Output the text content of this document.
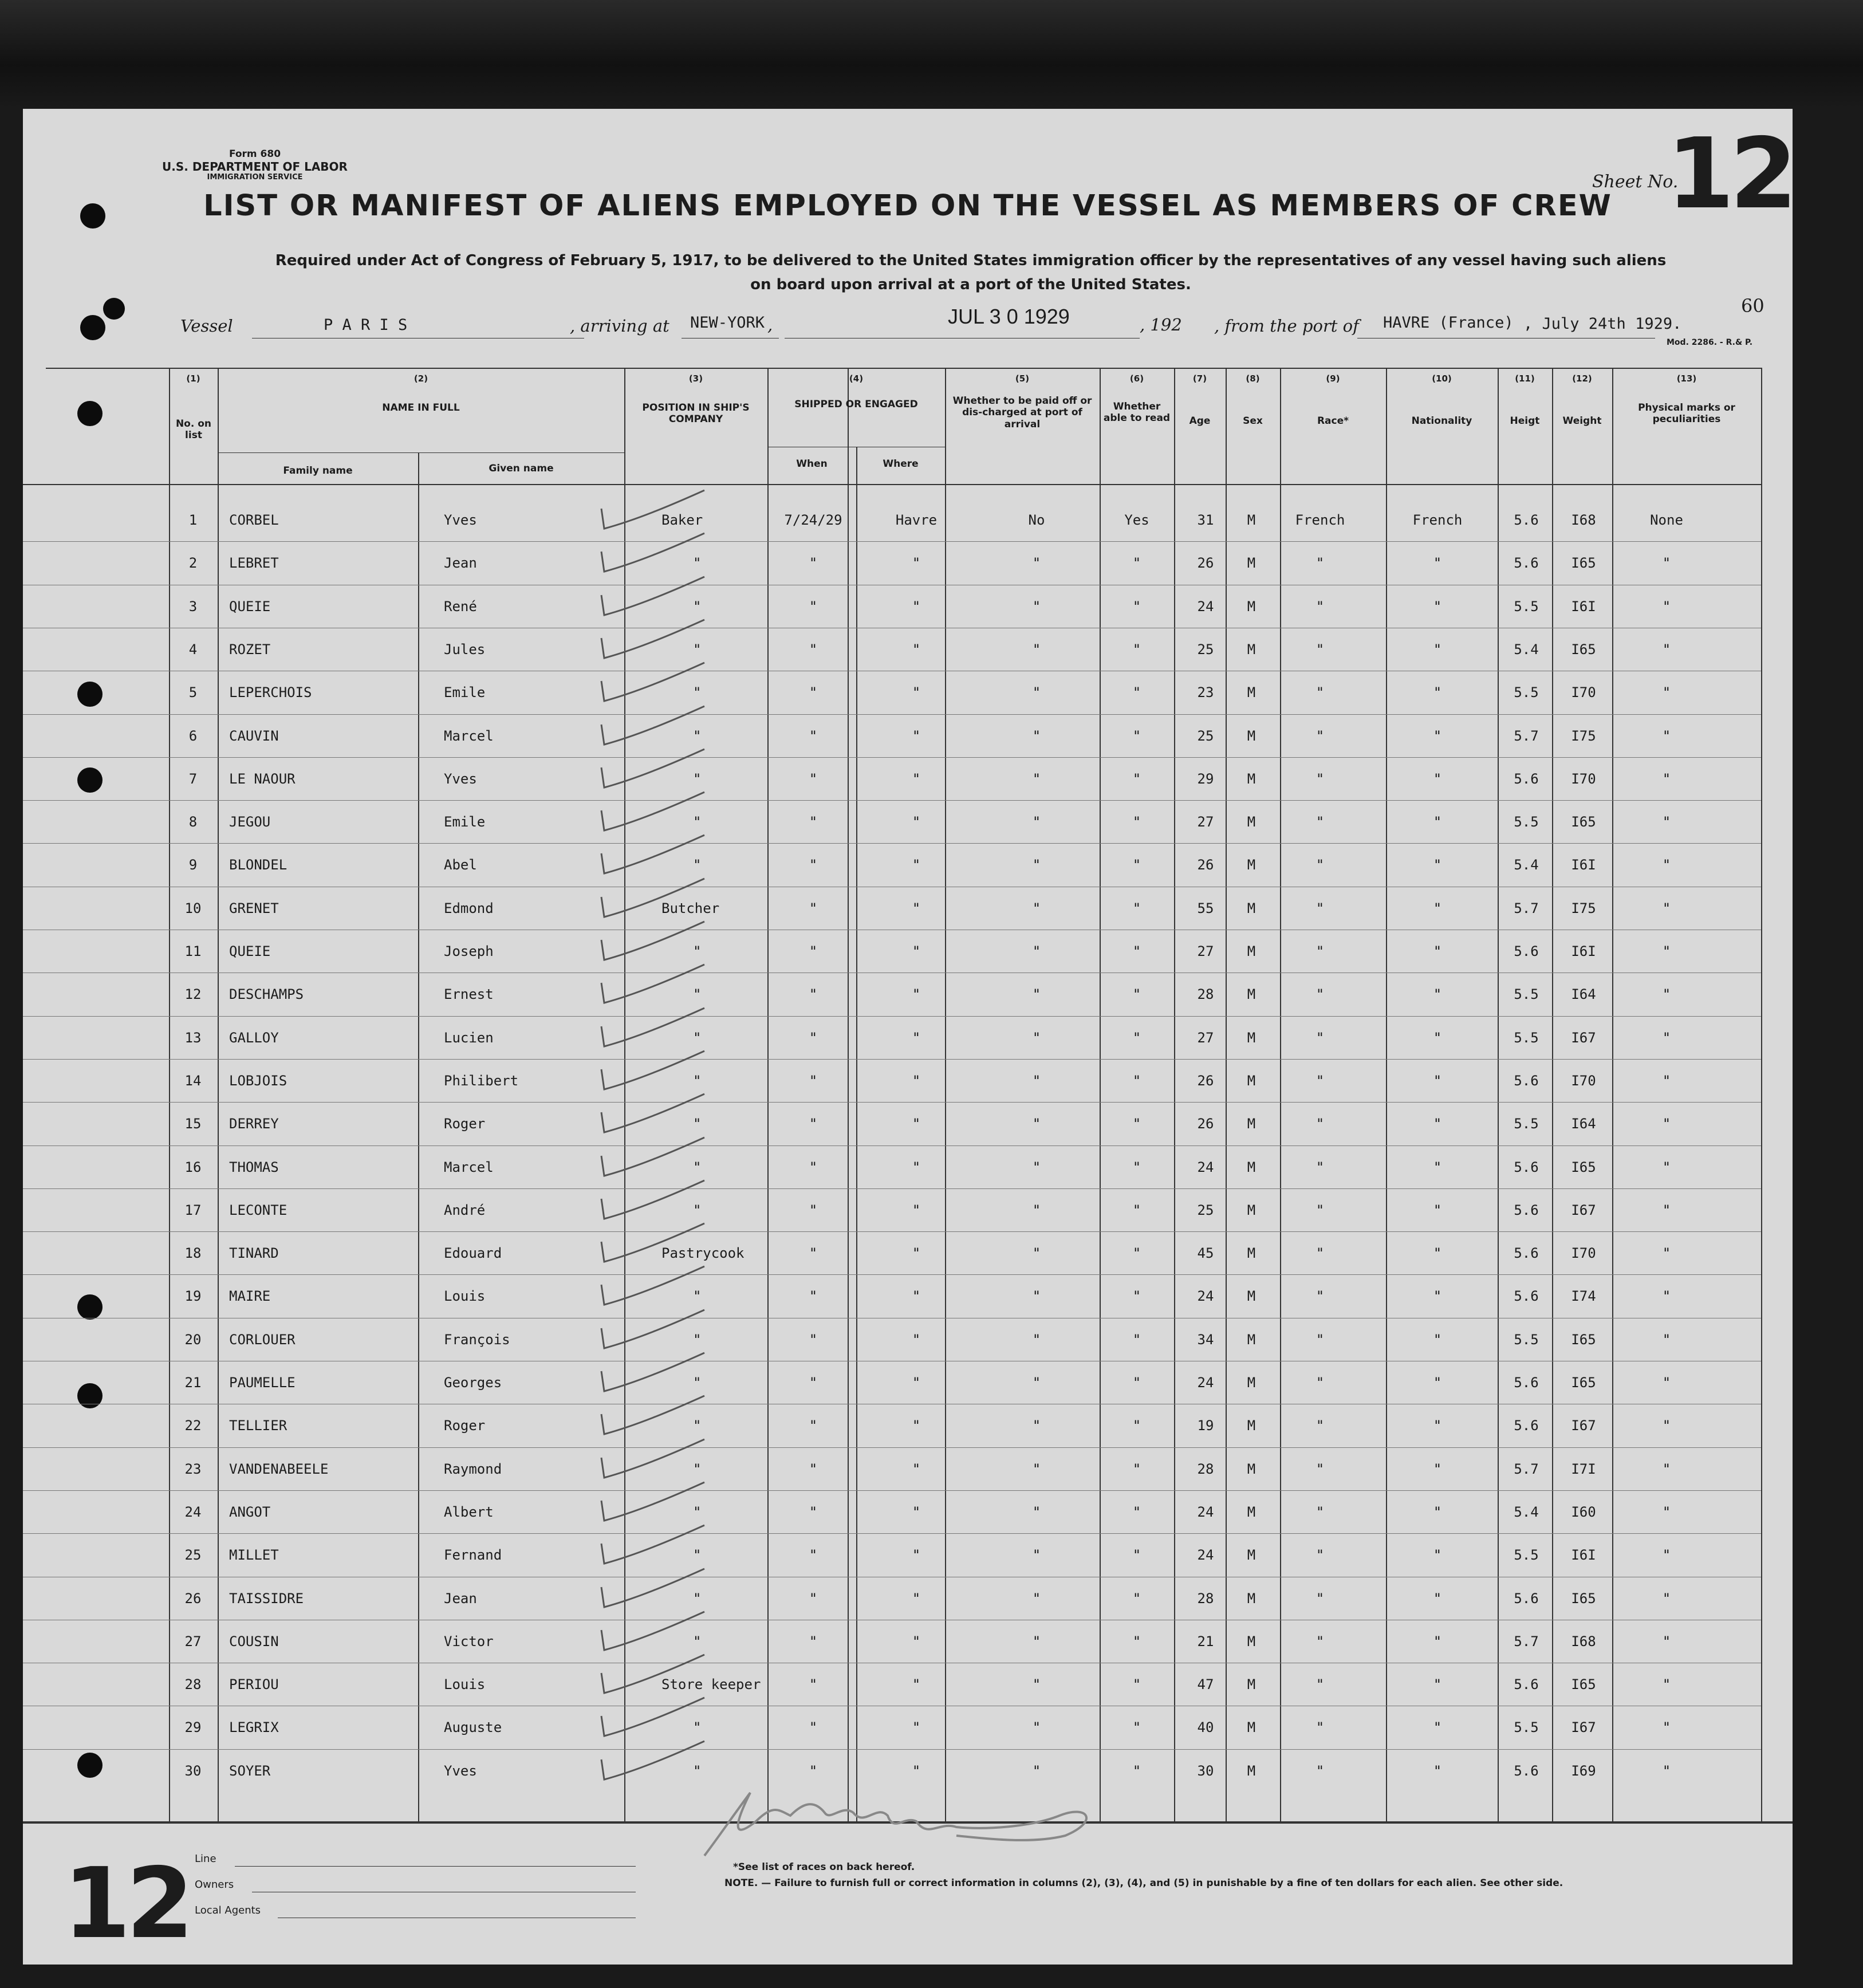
Form 680
U.S. DEPARTMENT OF LABOR
IMMIGRATION SERVICE	Sheet No.
12
LIST OR MANIFEST OF ALIENS EMPLOYED ON THE VESSEL AS MEMBERS OF CREW
Required under Act of Congress of February 5, 1917, to be delivered to the United States immigration officer by the representatives of any vessel having such aliens
on board upon arrival at a port of the United States.
60
Vessel	P A R I S	, arriving at NEW-YORK ,	JUL 3 0 1929	, 192 , from the port of HAVRE (France) , July 24th 1929.
Mod. 2286. - R.& P.
(1)	(2)	(3)	(4)	(5)	(6)	(7)	(8)	(9)	(10)	(11)	(12)	(13)
No. on list
NAME IN FULL
Family name	Given name
POSITION IN SHIP'S COMPANY
SHIPPED OR ENGAGED
When	Where
Whether to be paid off or dis-charged at port of arrival
Whether able to read	Age	Sex	Race*	Nationality	Heigt	Weight
Physical marks or peculiarities
1 CORBEL	Yves	Baker	7/24/29	Havre	No	Yes	31 M	French	French	5.6 I68	None
2 LEBRET	Jean	"	"	"	"	"	26 M	"	"	5.6 I65	"
3 QUEIE	René	"	"	"	"	"	24 M	"	"	5.5 I6I	"
4 ROZET	Jules	"	"	"	"	"	25 M	"	"	5.4 I65	"
5 LEPERCHOIS	Emile	"	"	"	"	"	23 M	"	"	5.5 I70	"
6 CAUVIN	Marcel	"	"	"	"	"	25 M	"	"	5.7 I75	"
7 LE NAOUR	Yves	"	"	"	"	"	29 M	"	"	5.6 I70	"
8 JEGOU	Emile	"	"	"	"	"	27 M	"	"	5.5 I65	"
9 BLONDEL	Abel	"	"	"	"	"	26 M	"	"	5.4 I6I	"
10 GRENET	Edmond	Butcher	"	"	"	"	55 M	"	"	5.7 I75	"
11 QUEIE	Joseph	"	"	"	"	"	27 M	"	"	5.6 I6I	"
12 DESCHAMPS	Ernest	"	"	"	"	"	28 M	"	"	5.5 I64	"
13 GALLOY	Lucien	"	"	"	"	"	27 M	"	"	5.5 I67	"
14 LOBJOIS	Philibert	"	"	"	"	"	26 M	"	"	5.6 I70	"
15 DERREY	Roger	"	"	"	"	"	26 M	"	"	5.5 I64	"
16 THOMAS	Marcel	"	"	"	"	"	24 M	"	"	5.6 I65	"
17 LECONTE	André	"	"	"	"	"	25 M	"	"	5.6 I67	"
18 TINARD	Edouard	Pastrycook	"	"	"	"	45 M	"	"	5.6 I70	"
19 MAIRE	Louis	"	"	"	"	"	24 M	"	"	5.6 I74	"
20 CORLOUER	François	"	"	"	"	"	34 M	"	"	5.5 I65	"
21 PAUMELLE	Georges	"	"	"	"	"	24 M	"	"	5.6 I65	"
22 TELLIER	Roger	"	"	"	"	"	19 M	"	"	5.6 I67	"
23 VANDENABEELE	Raymond	"	"	"	"	"	28 M	"	"	5.7 I7I	"
24 ANGOT	Albert	"	"	"	"	"	24 M	"	"	5.4 I60	"
25 MILLET	Fernand	"	"	"	"	"	24 M	"	"	5.5 I6I	"
26 TAISSIDRE	Jean	"	"	"	"	"	28 M	"	"	5.6 I65	"
27 COUSIN	Victor	"	"	"	"	"	21 M	"	"	5.7 I68	"
28 PERIOU	Louis	Store keeper	"	"	"	"	47 M	"	"	5.6 I65	"
29 LEGRIX	Auguste	"	"	"	"	"	40 M	"	"	5.5 I67	"
30 SOYER	Yves	"	"	"	"	"	30 M	"	"	5.6 I69	"
12 Line
Owners
Local Agents
*See list of races on back hereof.
NOTE. — Failure to furnish full or correct information in columns (2), (3), (4), and (5) in punishable by a fine of ten dollars for each alien. See other side.
